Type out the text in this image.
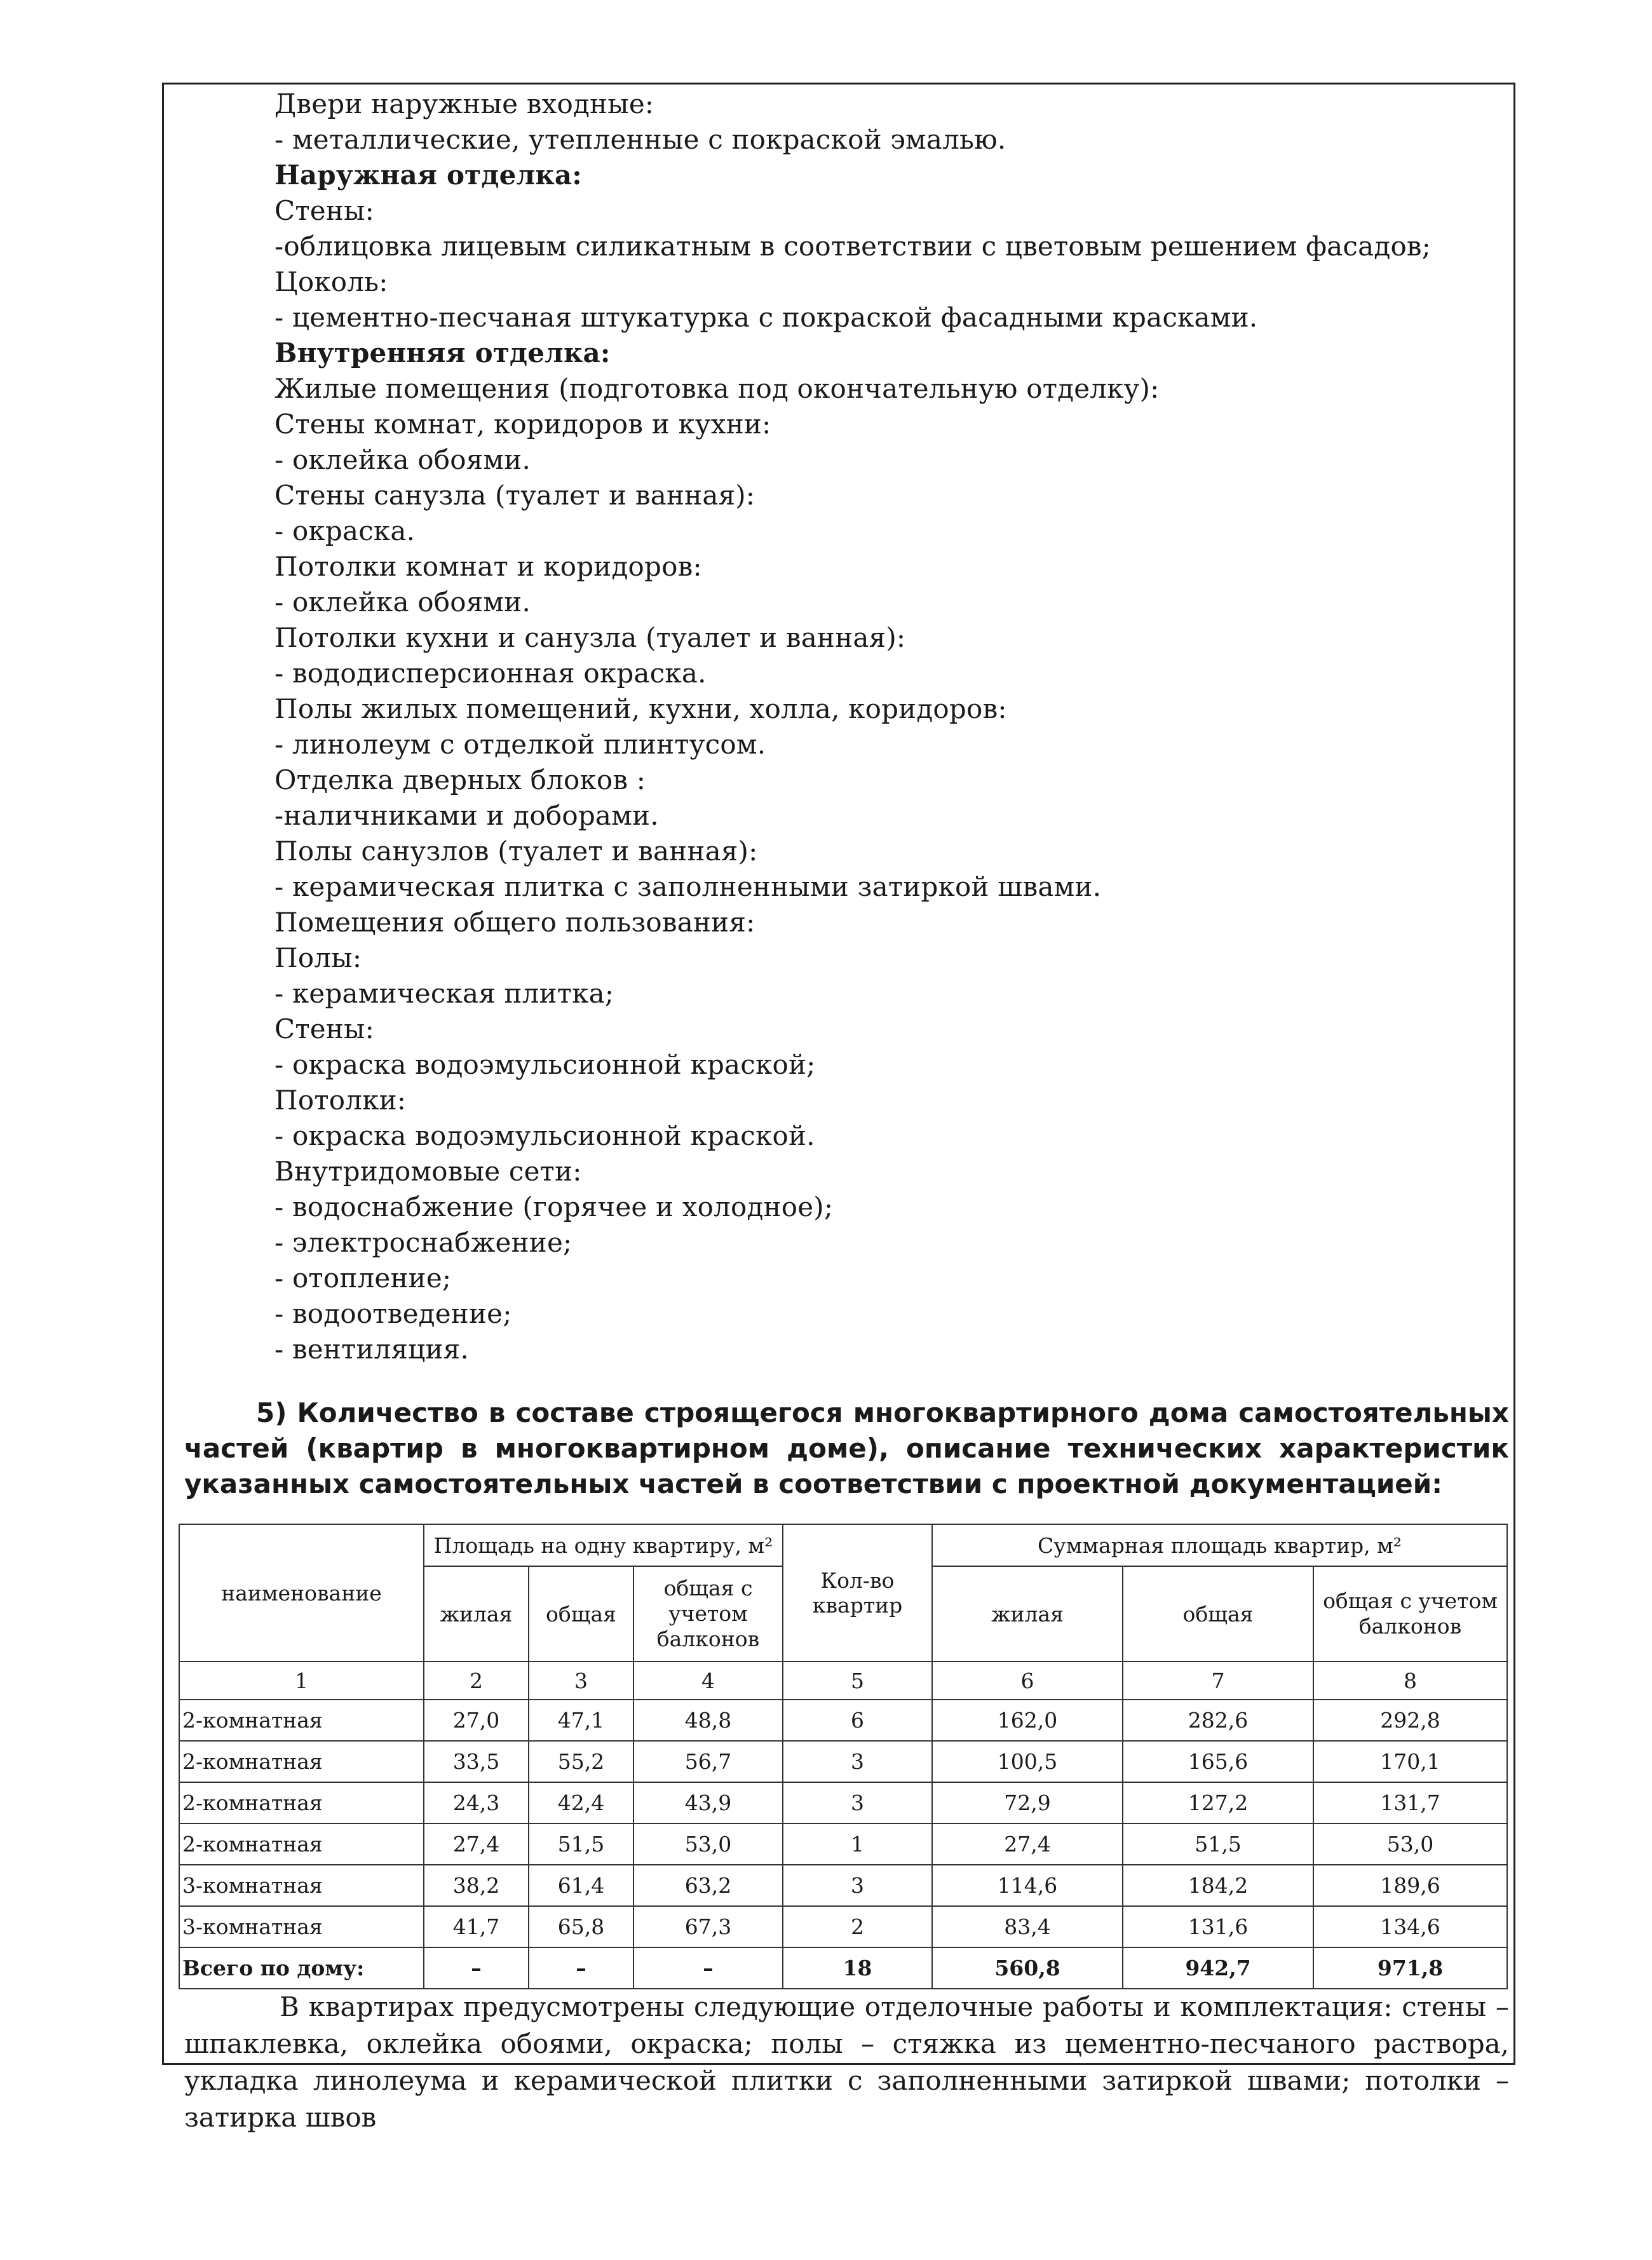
Двери наружные входные:
- металлические, утепленные с покраской эмалью.
Наружная отделка:
Стены:
-облицовка лицевым силикатным в соответствии с цветовым решением фасадов;
Цоколь:
- цементно-песчаная штукатурка с покраской фасадными красками.
Внутренняя отделка:
Жилые помещения (подготовка под окончательную отделку):
Стены комнат, коридоров и кухни:
- оклейка обоями.
Стены санузла (туалет и ванная):
- окраска.
Потолки комнат и коридоров:
- оклейка обоями.
Потолки кухни и санузла (туалет и ванная):
- вододисперсионная окраска.
Полы жилых помещений, кухни, холла, коридоров:
- линолеум с отделкой плинтусом.
Отделка дверных блоков :
-наличниками и доборами.
Полы санузлов (туалет и ванная):
- керамическая плитка с заполненными затиркой швами.
Помещения общего пользования:
Полы:
- керамическая плитка;
Стены:
- окраска водоэмульсионной краской;
Потолки:
- окраска водоэмульсионной краской.
Внутридомовые сети:
- водоснабжение (горячее и холодное);
- электроснабжение;
- отопление;
- водоотведение;
- вентиляция.
5) Количество в составе строящегося многоквартирного дома самостоятельных частей (квартир в многоквартирном доме), описание технических характеристик указанных самостоятельных частей в соответствии с проектной документацией:
наименование	Площадь на одну квартиру, м²			Кол-во квартир	Суммарная площадь квартир, м²		
	жилая	общая	общая с учетом балконов		жилая	общая	общая с учетом балконов
1	2	3	4	5	6	7	8
2-комнатная	27,0	47,1	48,8	6	162,0	282,6	292,8
2-комнатная	33,5	55,2	56,7	3	100,5	165,6	170,1
2-комнатная	24,3	42,4	43,9	3	72,9	127,2	131,7
2-комнатная	27,4	51,5	53,0	1	27,4	51,5	53,0
3-комнатная	38,2	61,4	63,2	3	114,6	184,2	189,6
3-комнатная	41,7	65,8	67,3	2	83,4	131,6	134,6
Всего по дому:	–	–	–	18	560,8	942,7	971,8
В квартирах предусмотрены следующие отделочные работы и комплектация: стены – шпаклевка, оклейка обоями, окраска; полы – стяжка из цементно-песчаного раствора, укладка линолеума и керамической плитки с заполненными затиркой швами; потолки – затирка швов
